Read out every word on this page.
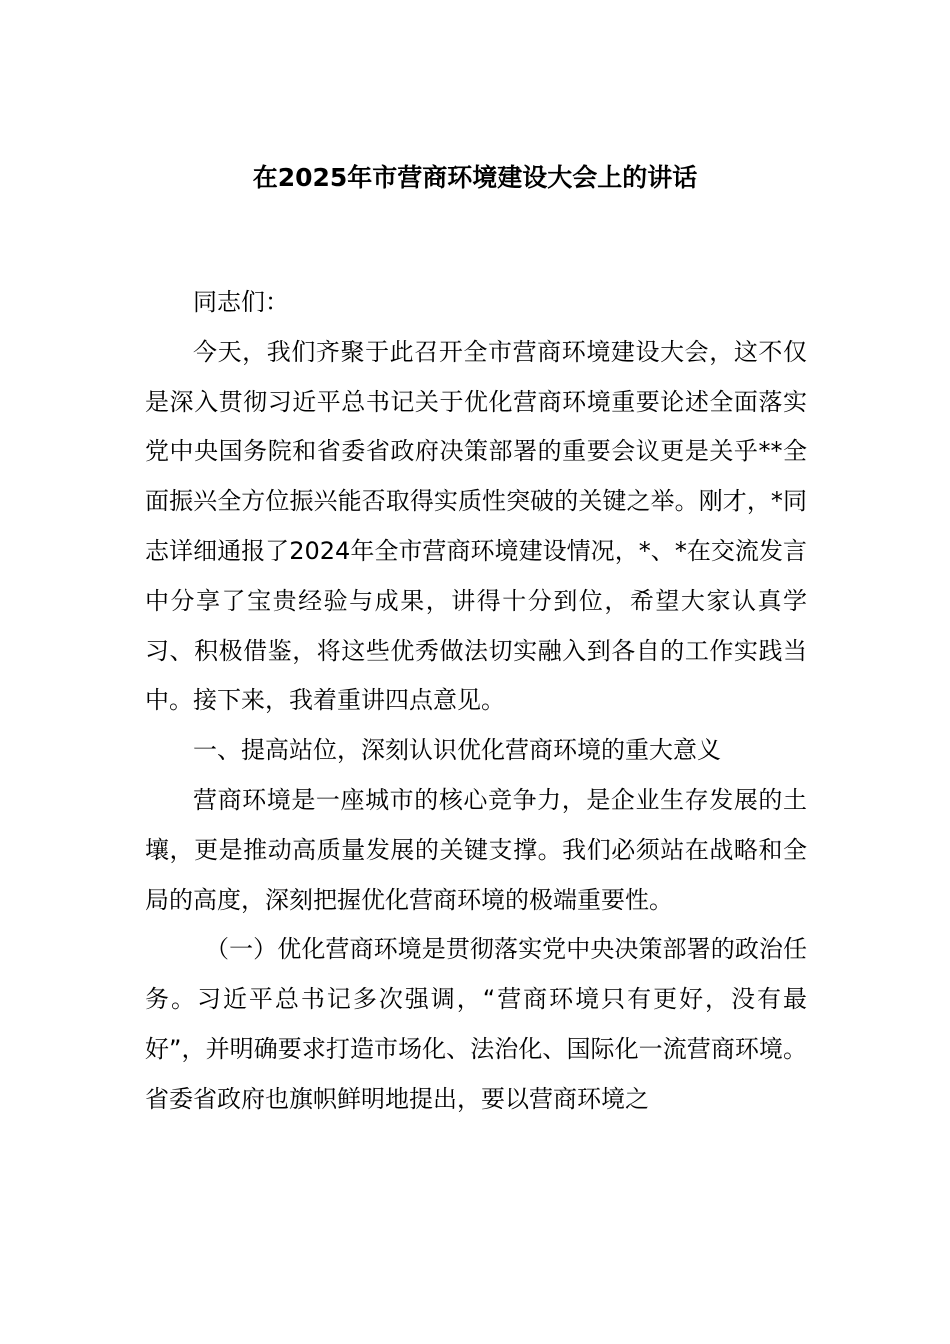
在2025年市营商环境建设大会上的讲话

同志们：

今天，我们齐聚于此召开全市营商环境建设大会，这不仅是深入贯彻习近平总书记关于优化营商环境重要论述全面落实党中央国务院和省委省政府决策部署的重要会议更是关乎**全面振兴全方位振兴能否取得实质性突破的关键之举。刚才，*同志详细通报了2024年全市营商环境建设情况，*、*在交流发言中分享了宝贵经验与成果，讲得十分到位，希望大家认真学习、积极借鉴，将这些优秀做法切实融入到各自的工作实践当中。接下来，我着重讲四点意见。

一、提高站位，深刻认识优化营商环境的重大意义

营商环境是一座城市的核心竞争力，是企业生存发展的土壤，更是推动高质量发展的关键支撑。我们必须站在战略和全局的高度，深刻把握优化营商环境的极端重要性。

（一）优化营商环境是贯彻落实党中央决策部署的政治任务。习近平总书记多次强调，“营商环境只有更好，没有最好”，并明确要求打造市场化、法治化、国际化一流营商环境。省委省政府也旗帜鲜明地提出，要以营商环境之
